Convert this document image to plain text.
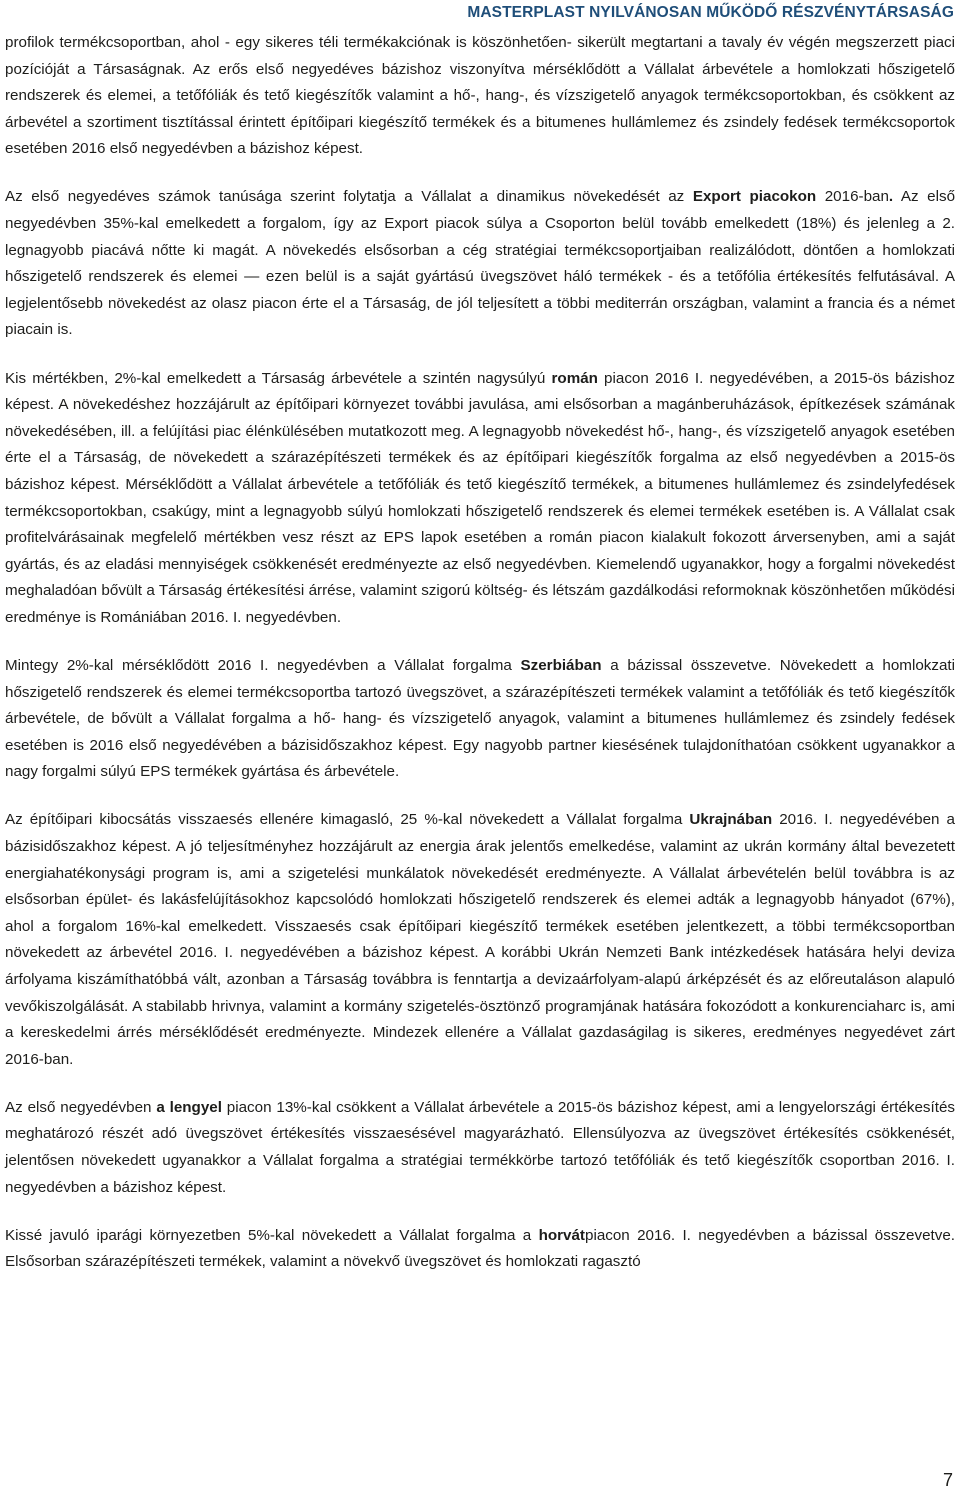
MASTERPLAST NYILVÁNOSAN MŰKÖDŐ RÉSZVÉNYTÁRSASÁG

profilok termékcsoportban, ahol - egy sikeres téli termékakciónak is köszönhetően- sikerült megtartani a tavaly év végén megszerzett piaci pozícióját a Társaságnak. Az erős első negyedéves bázishoz viszonyítva mérséklődött a Vállalat árbevétele a homlokzati hőszigetelő rendszerek és elemei, a tetőfóliák és tető kiegészítők valamint a hő-, hang-, és vízszigetelő anyagok termékcsoportokban, és csökkent az árbevétel a szortiment tisztítással érintett építőipari kiegészítő termékek és a bitumenes hullámlemez és zsindely fedések termékcsoportok esetében 2016 első negyedévben a bázishoz képest.

Az első negyedéves számok tanúsága szerint folytatja a Vállalat a dinamikus növekedését az Export piacokon 2016-ban. Az első negyedévben 35%-kal emelkedett a forgalom, így az Export piacok súlya a Csoporton belül tovább emelkedett (18%) és jelenleg a 2. legnagyobb piacává nőtte ki magát. A növekedés elsősorban a cég stratégiai termékcsoportjaiban realizálódott, döntően a homlokzati hőszigetelő rendszerek és elemei — ezen belül is a saját gyártású üvegszövet háló termékek - és a tetőfólia értékesítés felfutásával. A legjelentősebb növekedést az olasz piacon érte el a Társaság, de jól teljesített a többi mediterrán országban, valamint a francia és a német piacain is.

Kis mértékben, 2%-kal emelkedett a Társaság árbevétele a szintén nagysúlyú román piacon 2016 I. negyedévében, a 2015-ös bázishoz képest. A növekedéshez hozzájárult az építőipari környezet további javulása, ami elsősorban a magánberuházások, építkezések számának növekedésében, ill. a felújítási piac élénkülésében mutatkozott meg. A legnagyobb növekedést hő-, hang-, és vízszigetelő anyagok esetében érte el a Társaság, de növekedett a szárazépítészeti termékek és az építőipari kiegészítők forgalma az első negyedévben a 2015-ös bázishoz képest. Mérséklődött a Vállalat árbevétele a tetőfóliák és tető kiegészítő termékek, a bitumenes hullámlemez és zsindelyfedések termékcsoportokban, csakúgy, mint a legnagyobb súlyú homlokzati hőszigetelő rendszerek és elemei termékek esetében is. A Vállalat csak profitelvárásainak megfelelő mértékben vesz részt az EPS lapok esetében a román piacon kialakult fokozott árversenyben, ami a saját gyártás, és az eladási mennyiségek csökkenését eredményezte az első negyedévben. Kiemelendő ugyanakkor, hogy a forgalmi növekedést meghaladóan bővült a Társaság értékesítési árrése, valamint szigorú költség- és létszám gazdálkodási reformoknak köszönhetően működési eredménye is Romániában 2016. I. negyedévben.

Mintegy 2%-kal mérséklődött 2016 I. negyedévben a Vállalat forgalma Szerbiában a bázissal összevetve. Növekedett a homlokzati hőszigetelő rendszerek és elemei termékcsoportba tartozó üvegszövet, a szárazépítészeti termékek valamint a tetőfóliák és tető kiegészítők árbevétele, de bővült a Vállalat forgalma a hő- hang- és vízszigetelő anyagok, valamint a bitumenes hullámlemez és zsindely fedések esetében is 2016 első negyedévében a bázisidőszakhoz képest. Egy nagyobb partner kiesésének tulajdoníthatóan csökkent ugyanakkor a nagy forgalmi súlyú EPS termékek gyártása és árbevétele.

Az építőipari kibocsátás visszaesés ellenére kimagasló, 25 %-kal növekedett a Vállalat forgalma Ukrajnában 2016. I. negyedévében a bázisidőszakhoz képest. A jó teljesítményhez hozzájárult az energia árak jelentős emelkedése, valamint az ukrán kormány által bevezetett energiahatékonysági program is, ami a szigetelési munkálatok növekedését eredményezte. A Vállalat árbevételén belül továbbra is az elsősorban épület- és lakásfelújításokhoz kapcsolódó homlokzati hőszigetelő rendszerek és elemei adták a legnagyobb hányadot (67%), ahol a forgalom 16%-kal emelkedett. Visszaesés csak építőipari kiegészítő termékek esetében jelentkezett, a többi termékcsoportban növekedett az árbevétel 2016. I. negyedévében a bázishoz képest. A korábbi Ukrán Nemzeti Bank intézkedések hatására helyi deviza árfolyama kiszámíthatóbbá vált, azonban a Társaság továbbra is fenntartja a devizaárfolyam-alapú árképzését és az előreutaláson alapuló vevőkiszolgálását. A stabilabb hrivnya, valamint a kormány szigetelés-ösztönző programjának hatására fokozódott a konkurenciaharc is, ami a kereskedelmi árrés mérséklődését eredményezte. Mindezek ellenére a Vállalat gazdaságilag is sikeres, eredményes negyedévet zárt 2016-ban.

Az első negyedévben a lengyel piacon 13%-kal csökkent a Vállalat árbevétele a 2015-ös bázishoz képest, ami a lengyelországi értékesítés meghatározó részét adó üvegszövet értékesítés visszaesésével magyarázható. Ellensúlyozva az üvegszövet értékesítés csökkenését, jelentősen növekedett ugyanakkor a Vállalat forgalma a stratégiai termékkörbe tartozó tetőfóliák és tető kiegészítők csoportban 2016. I. negyedévben a bázishoz képest.

Kissé javuló iparági környezetben 5%-kal növekedett a Vállalat forgalma a horvátpiacon 2016. I. negyedévben a bázissal összevetve. Elsősorban szárazépítészeti termékek, valamint a növekvő üvegszövet és homlokzati ragasztó

7
